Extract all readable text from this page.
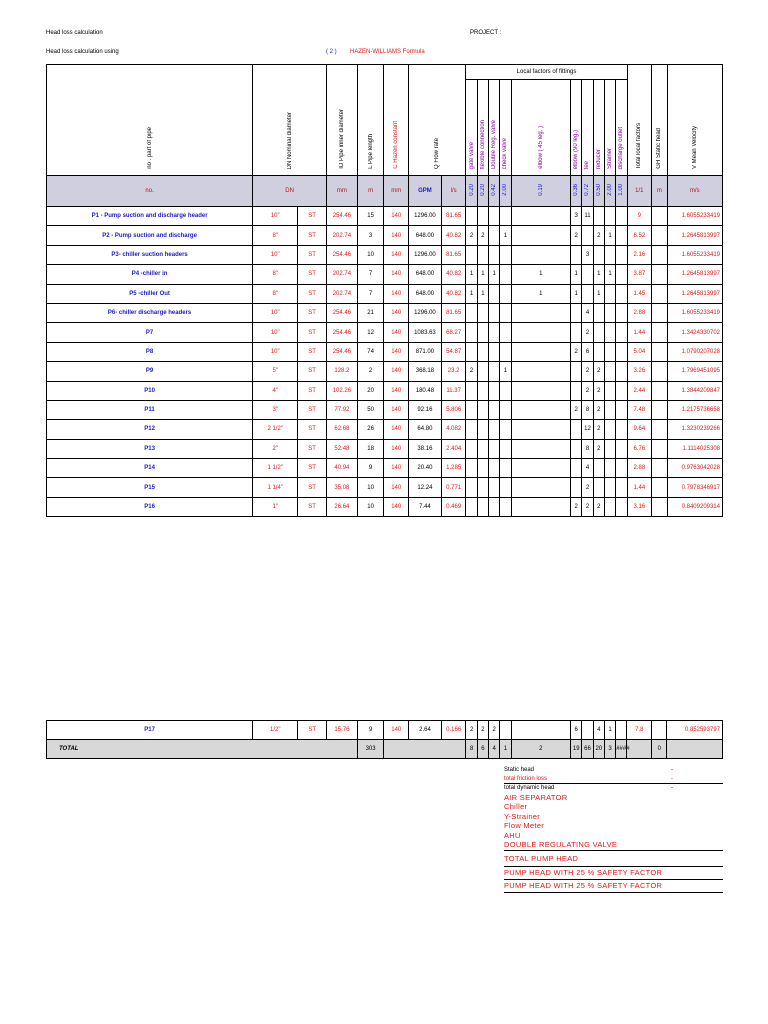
Head loss calculation	PROJECT :
Head loss calculation using	( 2 ) HAZEN-WILLIAMS Formula
no . part of pipe	DN Nominal diameter		ID Pipe inner diameter	L Pipe length	C Hazen constant	Q Flow rate		Local factors of fittings										Total local factors	GH Static head	V Mean Velocity
								gate valve	flexible connection	Double Reg. valve	check valve	elbow ( 45 leg. )	elbow (90 leg.)	tee	reducer	Strainer	discharge outlet			
no.	DN		mm	m	mm	GPM	l/s	0.20	0.20	0.42	2.00	0.19	0.36	0.72	0.50	2.00	1.00	1/1	m	m/s
P1 - Pump suction and discharge header	10"	ST	254.46	15	140	1296.00	81.65						3	11				9		1.6055233419
P2 - Pump suction and discharge	8"	ST	202.74	3	140	648.00	40.82	2	2		1		2		2	1		6.52		1.2645813997
P3- chiller suction headers	10"	ST	254.46	10	140	1296.00	81.65							3				2.16		1.6055233419
P4 -chiller in	8"	ST	202.74	7	140	648.00	40.82	1	1	1		1	1		1	1		3.87		1.2645813997
P5 -chiller Out	8"	ST	202.74	7	140	648.00	40.82	1	1			1	1		1			1.45		1.2645813997
P6- chiller discharge headers	10"	ST	254.46	21	140	1296.00	81.65							4				2.88		1.6055233419
P7	10"	ST	254.46	12	140	1083.63	68.27							2				1.44		1.3424330702
P8	10"	ST	254.46	74	140	871.00	54.87						2	6				5.04		1.0790207028
P9	5"	ST	128.2	2	140	368.18	23.2	2			1			2	2			3.26		1.7969451095
P10	4"	ST	102.26	20	140	180.48	11.37							2	2			2.44		1.3844209847
P11	3"	ST	77.92	50	140	92.16	5.806						2	8	2			7.48		1.2175736658
P12	2 1/2"	ST	62.68	26	140	64.80	4.082							12	2			9.64		1.3230239266
P13	2"	ST	52.48	18	140	38.16	2.404							8	2			6.76		1.1114025308
P14	1 1/2"	ST	40.94	9	140	20.40	1.285							4				2.88		0.9763042028
P15	1 1/4"	ST	35.08	10	140	12.24	0.771							2				1.44		0.7978346917
P16	1"	ST	26.64	10	140	7.44	0.469						2	2	2			3.16		0.8409209314
P17	1/2"	ST	15.76	9	140	2.64	0.166	2	2	2			6		4	1		7.8		0.852593797
TOTAL				303				8	6	4	1	2	19	66	20	3	####		0	
Static head	-
total friction loss	-
total dynamic head	-
AIR SEPARATOR
Chiller
Y-Strainer
Flow Meter
AHU
DOUBLE REGULATING VALVE
TOTAL PUMP HEAD
PUMP HEAD WITH 25 % SAFETY FACTOR
PUMP HEAD WITH 25 % SAFETY FACTOR
